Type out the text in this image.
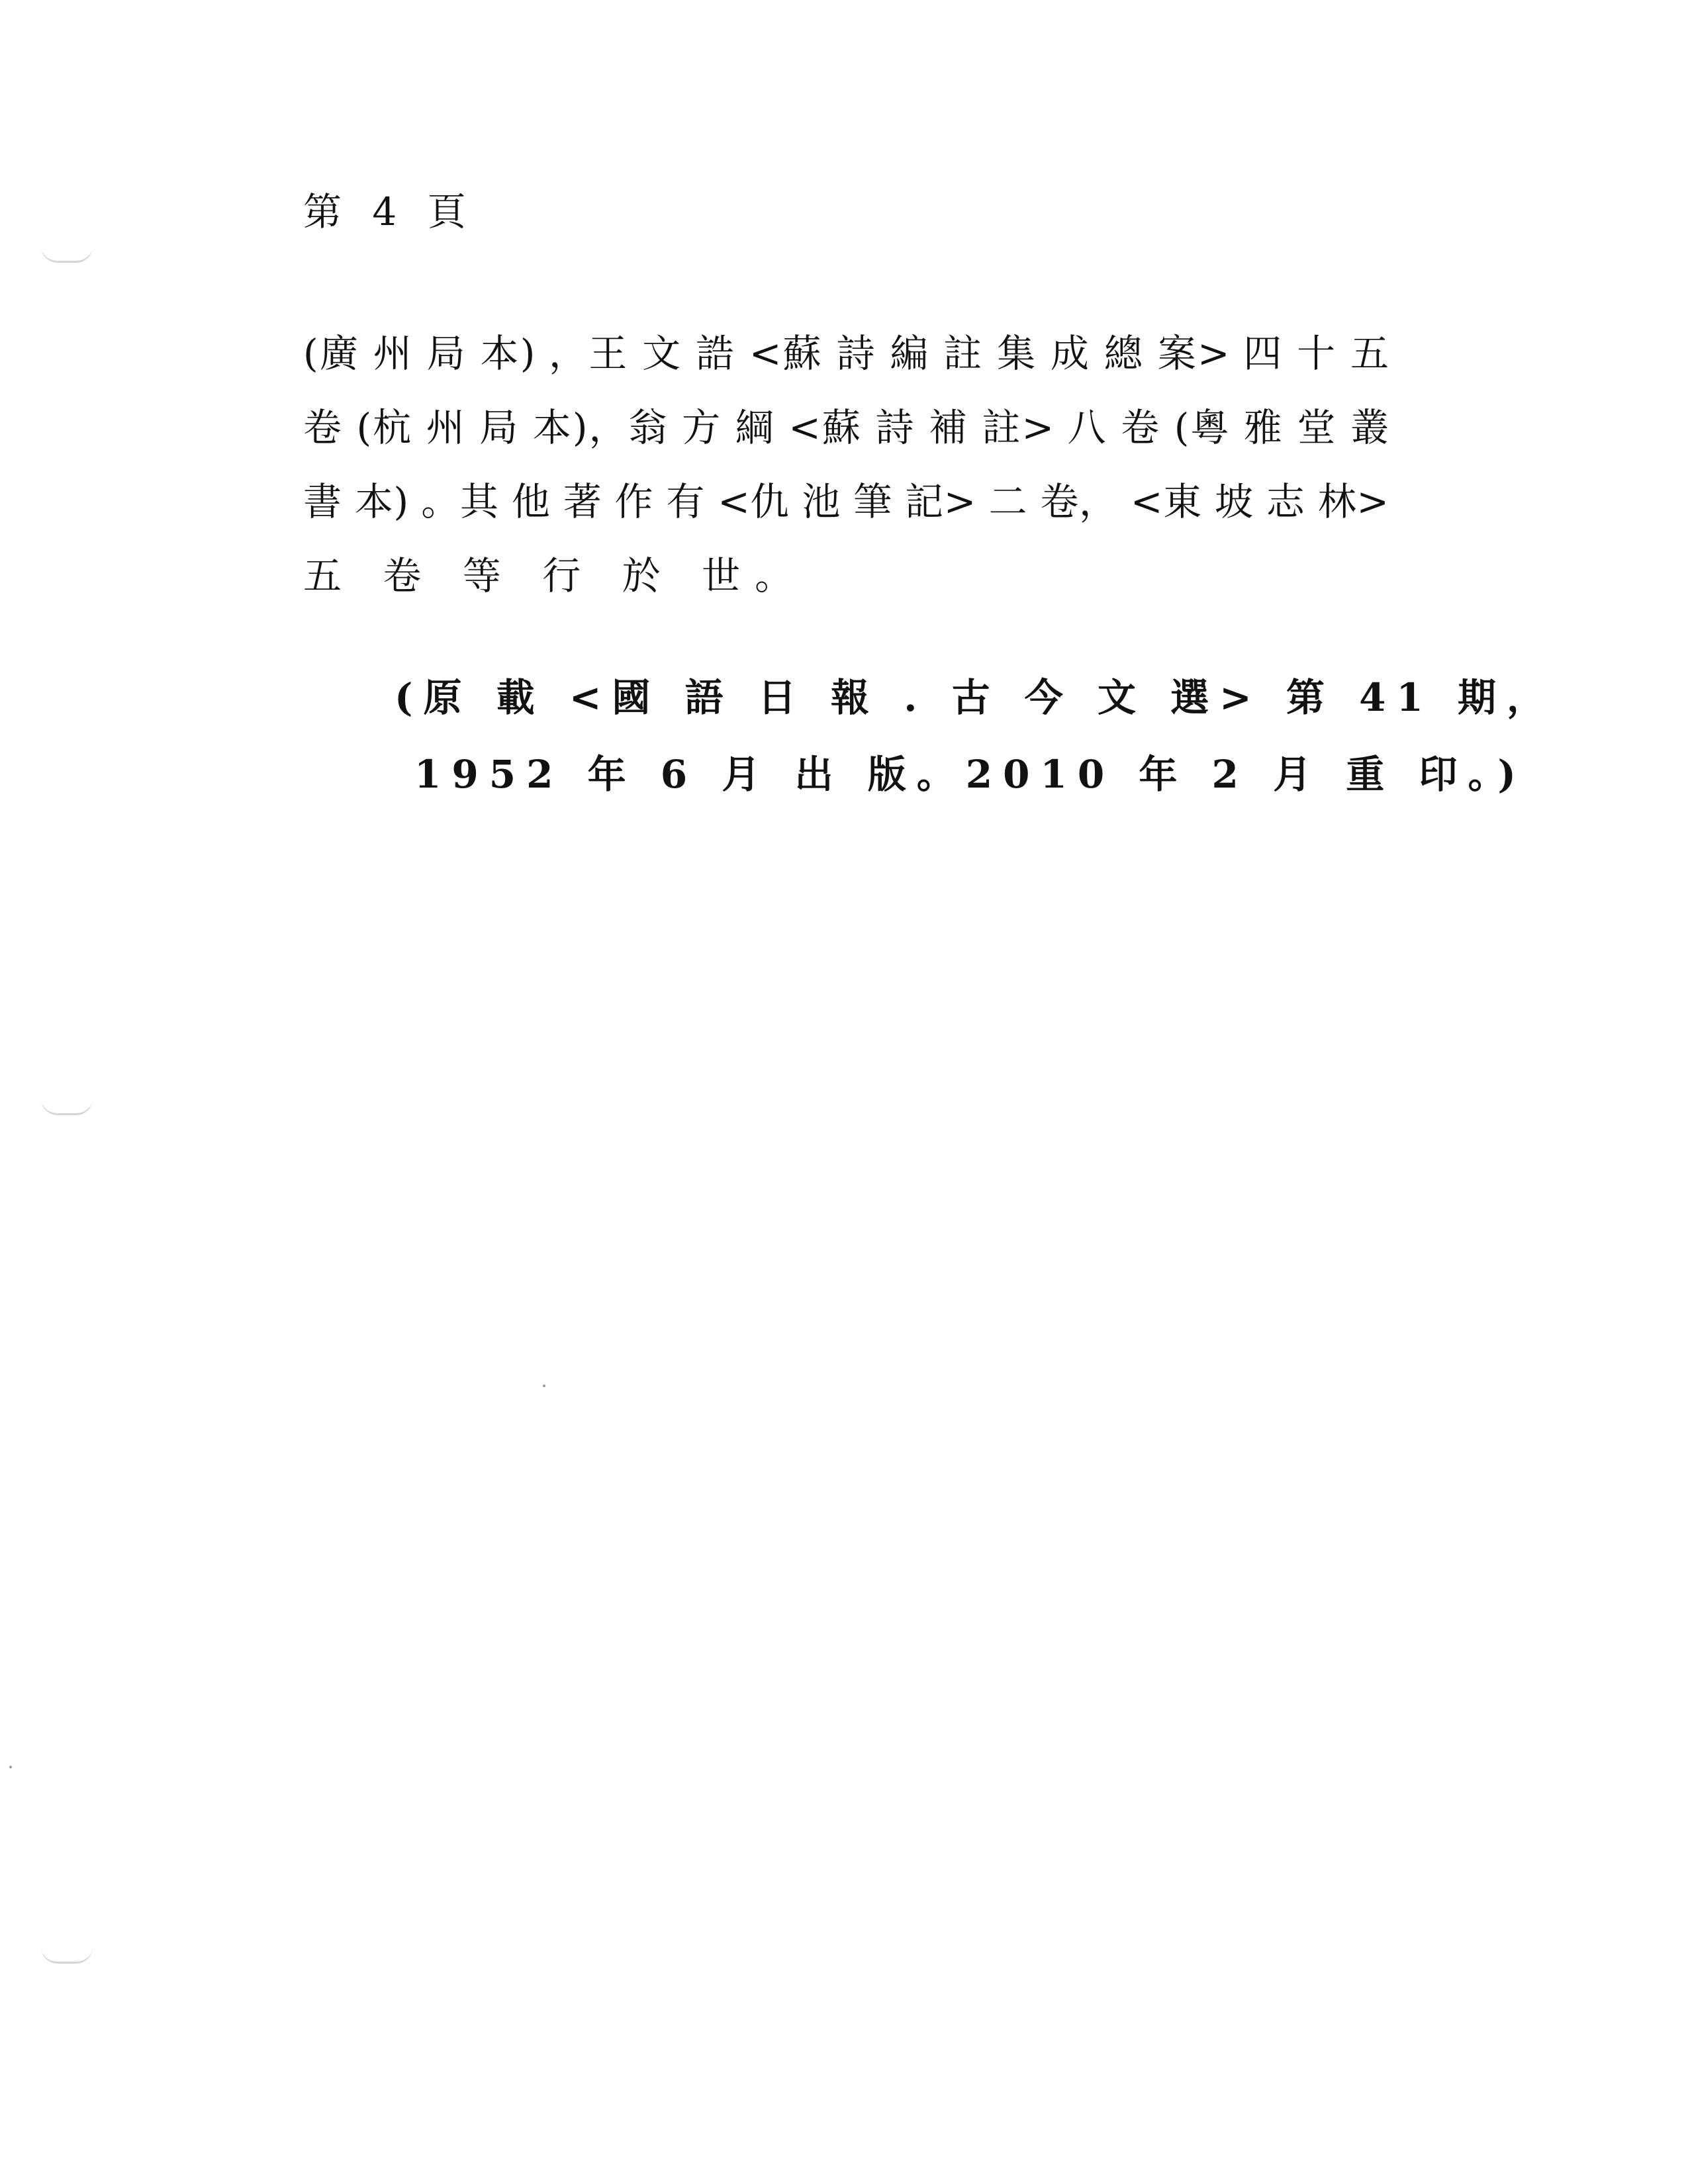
第 4 頁
(廣 州 局 本) ，王 文 誥 <蘇 詩 編 註 集 成 總 案> 四 十 五
卷 (杭 州 局 本)，翁 方 綱 <蘇 詩 補 註> 八 卷 (粵 雅 堂 叢
書 本) 。其 他 著 作 有 <仇 池 筆 記> 二 卷， <東 坡 志 林>
五 卷 等 行 於 世。
(原 載 <國 語 日 報 . 古 今 文 選> 第 41 期，
1952 年 6 月 出 版。2010 年 2 月 重 印。)
